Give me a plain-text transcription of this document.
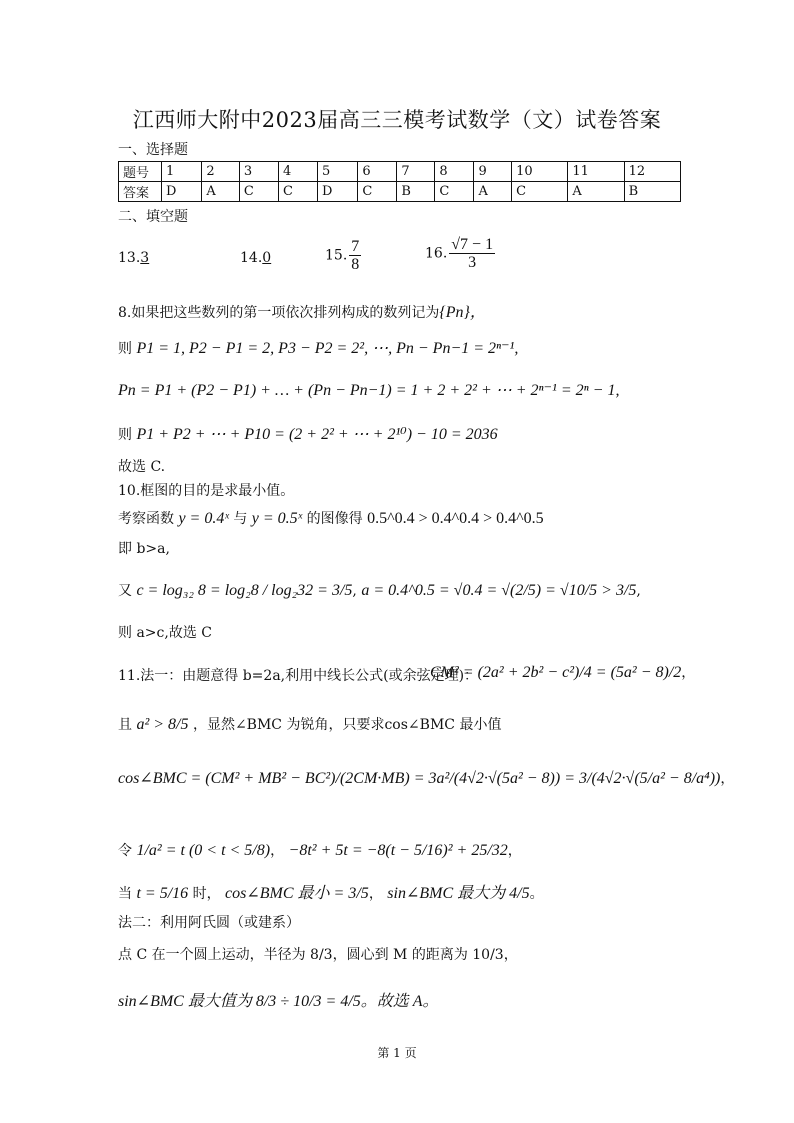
江西师大附中2023届高三三模考试数学（文）试卷答案
一、选择题
题号	1	2	3	4	5	6	7	8	9	10	11	12
答案	D	A	C	C	D	C	B	C	A	C	A	B
二、填空题
13.3	14.0	15. $\frac{7}{8}$	16. $\frac{√7 - 1}{3}$
8.如果把这些数列的第一项依次排列构成的数列记为{Pn}，
则 P1 = 1, P2 − P1 = 2, P3 − P2 = 2², ⋯, Pn − Pn−1 = 2ⁿ⁻¹,
Pn = P1 + (P2 − P1) + … + (Pn − Pn−1) = 1 + 2 + 2² + ⋯ + 2ⁿ⁻¹ = 2ⁿ − 1,
则 P1 + P2 + ⋯ + P10 = (2 + 2² + ⋯ + 2¹⁰) − 10 = 2036
故选 C.
10.框图的目的是求最小值。
考察函数 y = 0.4ˣ 与 y = 0.5ˣ 的图像得 0.5^0.4 > 0.4^0.4 > 0.4^0.5
即 b>a,
又 c = log₃₂ 8 = log₂8 / log₂32 = 3/5, a = 0.4^0.5 = √0.4 = √(2/5) = √10/5 > 3/5,
则 a>c,故选 C
11.法一：由题意得 b=2a,利用中线长公式(或余弦定理)：
CM² = (2a² + 2b² − c²)/4 = (5a² − 8)/2，
且 a² > 8/5 ，显然∠BMC 为锐角，只要求cos∠BMC 最小值
cos∠BMC = (CM² + MB² − BC²)/(2CM·MB) = 3a²/(4√2·√(5a² − 8)) = 3/(4√2·√(5/a² − 8/a⁴))，
令 1/a² = t (0 < t < 5/8)， −8t² + 5t = −8(t − 5/16)² + 25/32，
当 t = 5/16 时， cos∠BMC 最小 = 3/5， sin∠BMC 最大为 4/5。
法二：利用阿氏圆（或建系）
点 C 在一个圆上运动，半径为 8/3，圆心到 M 的距离为 10/3，
sin∠BMC 最大值为 8/3 ÷ 10/3 = 4/5。故选 A。
第 1 页
